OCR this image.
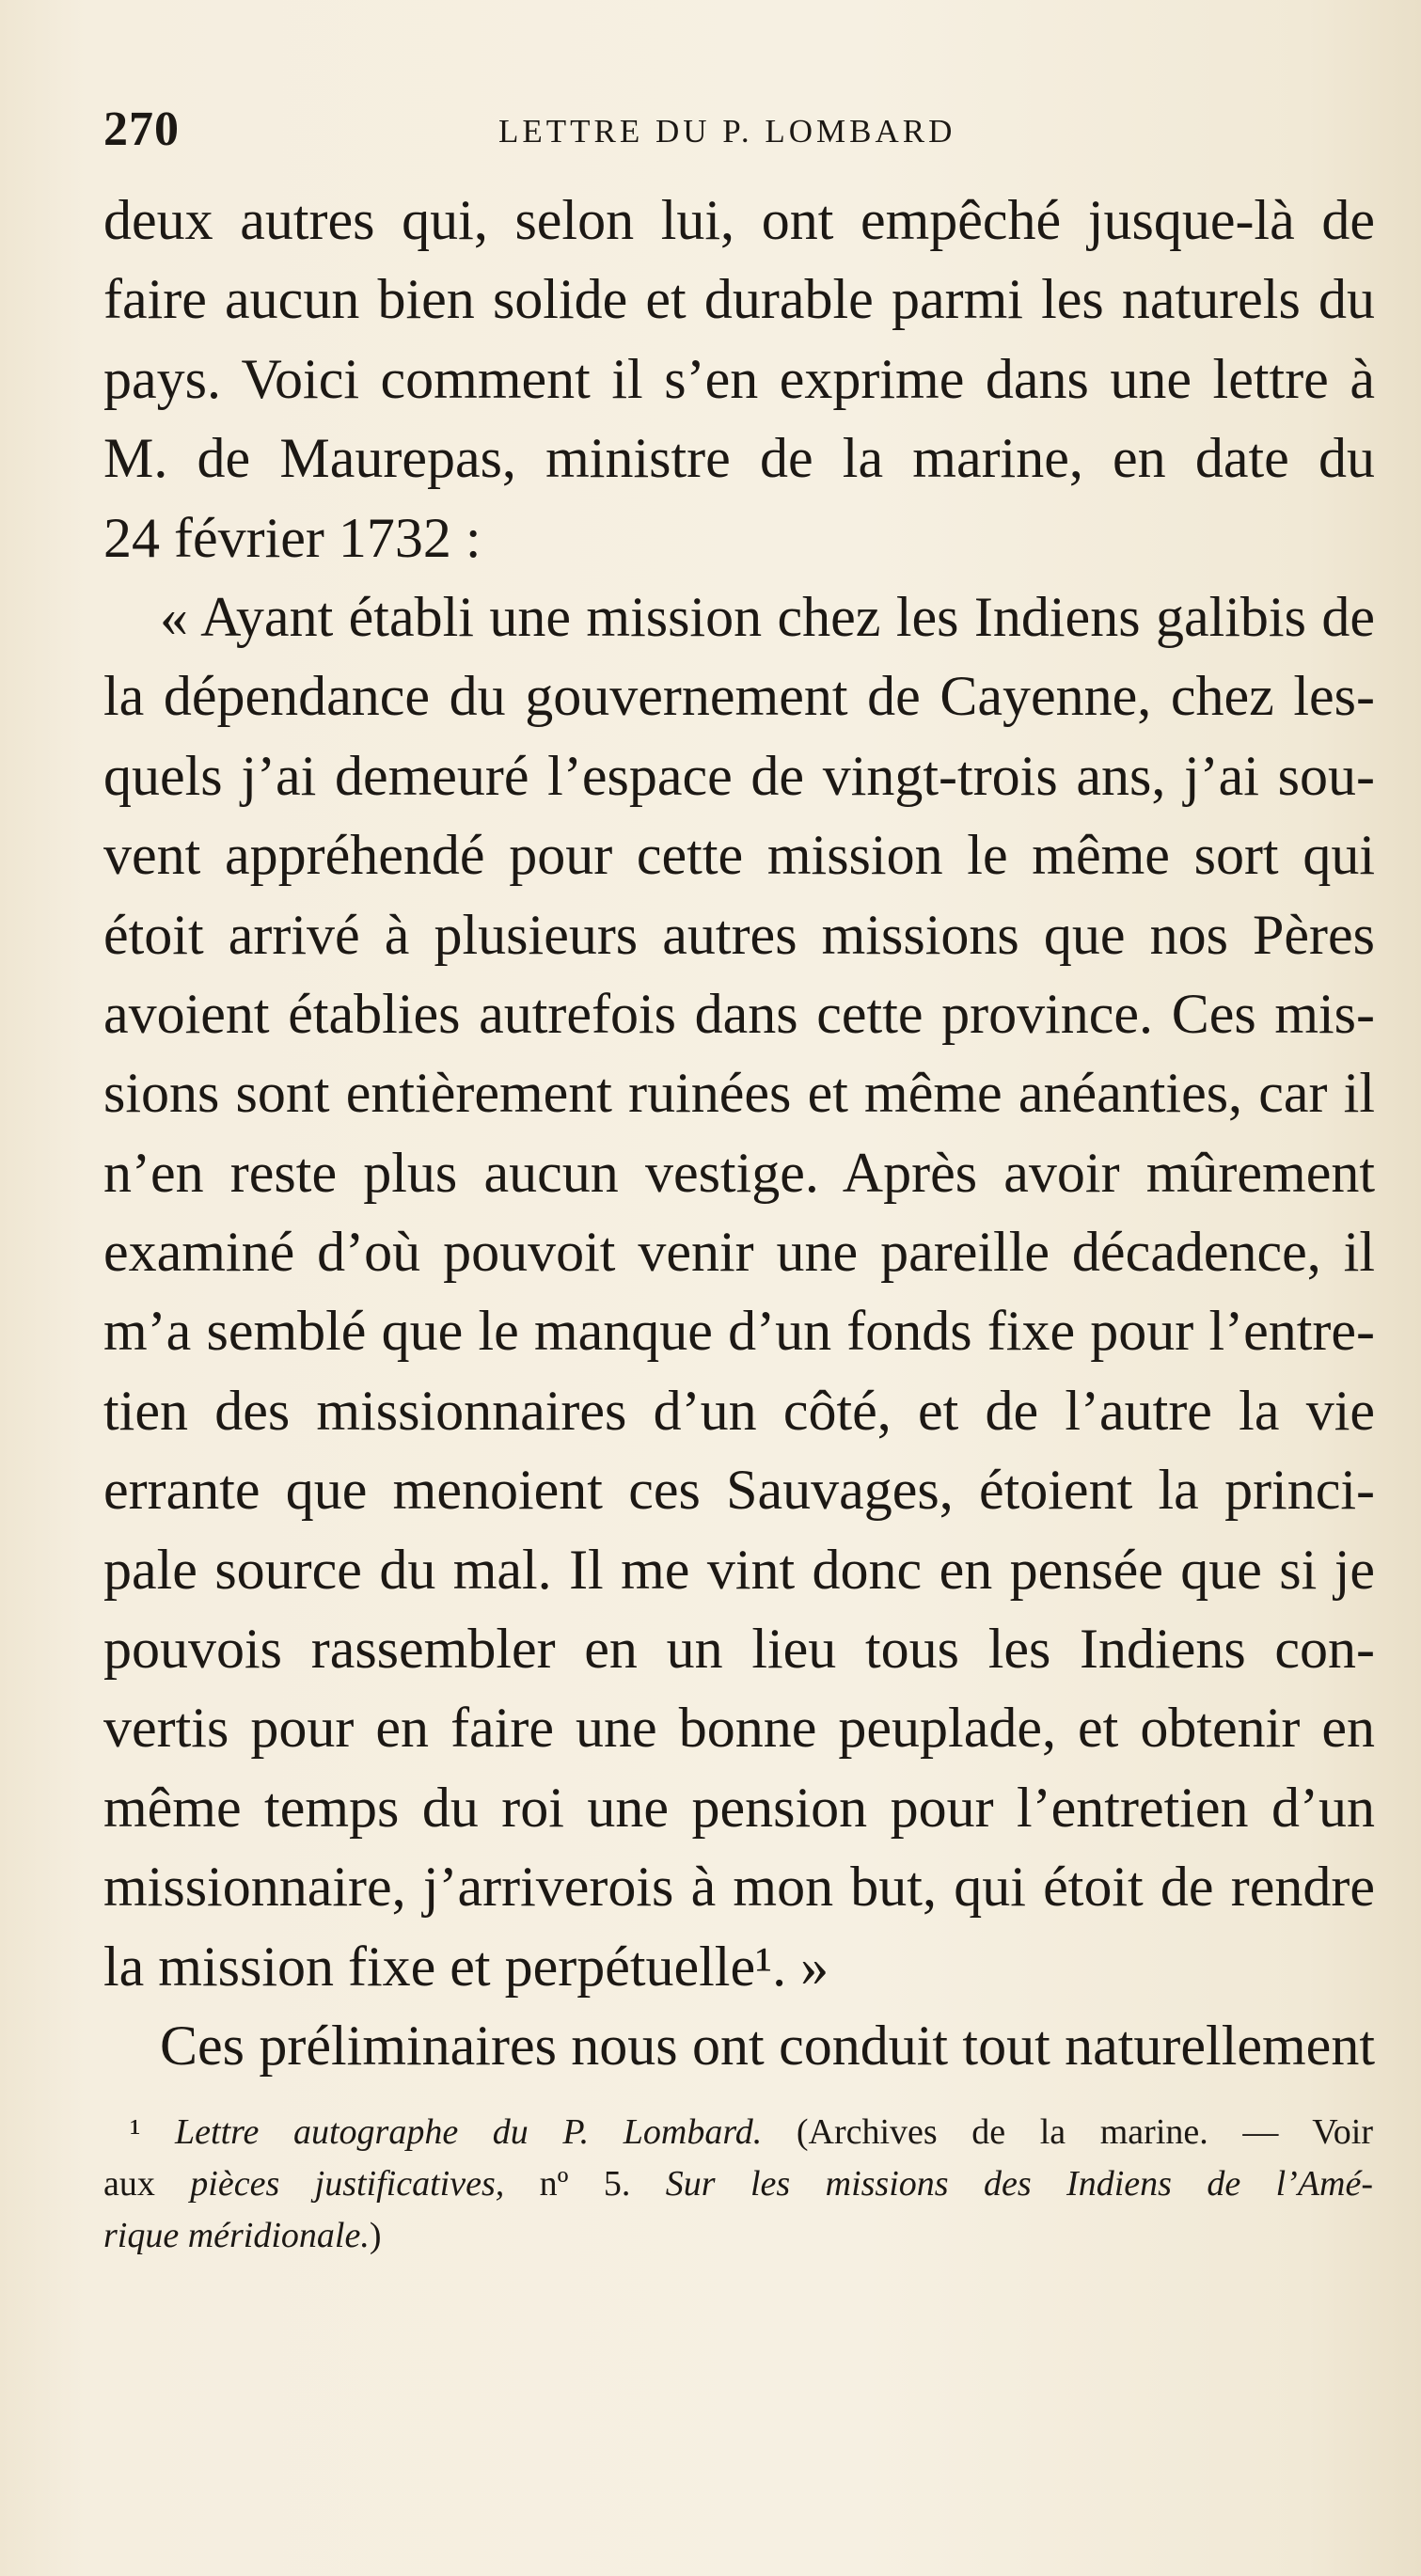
270	LETTRE DU P. LOMBARD
deux autres qui, selon lui, ont empêché jusque-là de
faire aucun bien solide et durable parmi les naturels du
pays. Voici comment il s’en exprime dans une lettre à
M. de Maurepas, ministre de la marine, en date du
24 février 1732 :
« Ayant établi une mission chez les Indiens galibis de
la dépendance du gouvernement de Cayenne, chez les-
quels j’ai demeuré l’espace de vingt-trois ans, j’ai sou-
vent appréhendé pour cette mission le même sort qui
étoit arrivé à plusieurs autres missions que nos Pères
avoient établies autrefois dans cette province. Ces mis-
sions sont entièrement ruinées et même anéanties, car il
n’en reste plus aucun vestige. Après avoir mûrement
examiné d’où pouvoit venir une pareille décadence, il
m’a semblé que le manque d’un fonds fixe pour l’entre-
tien des missionnaires d’un côté, et de l’autre la vie
errante que menoient ces Sauvages, étoient la princi-
pale source du mal. Il me vint donc en pensée que si je
pouvois rassembler en un lieu tous les Indiens con-
vertis pour en faire une bonne peuplade, et obtenir en
même temps du roi une pension pour l’entretien d’un
missionnaire, j’arriverois à mon but, qui étoit de rendre
la mission fixe et perpétuelle¹. »
Ces préliminaires nous ont conduit tout naturellement
¹ Lettre autographe du P. Lombard. (Archives de la marine. — Voir
aux pièces justificatives, nº 5. Sur les missions des Indiens de l’Amé-
rique méridionale.)
